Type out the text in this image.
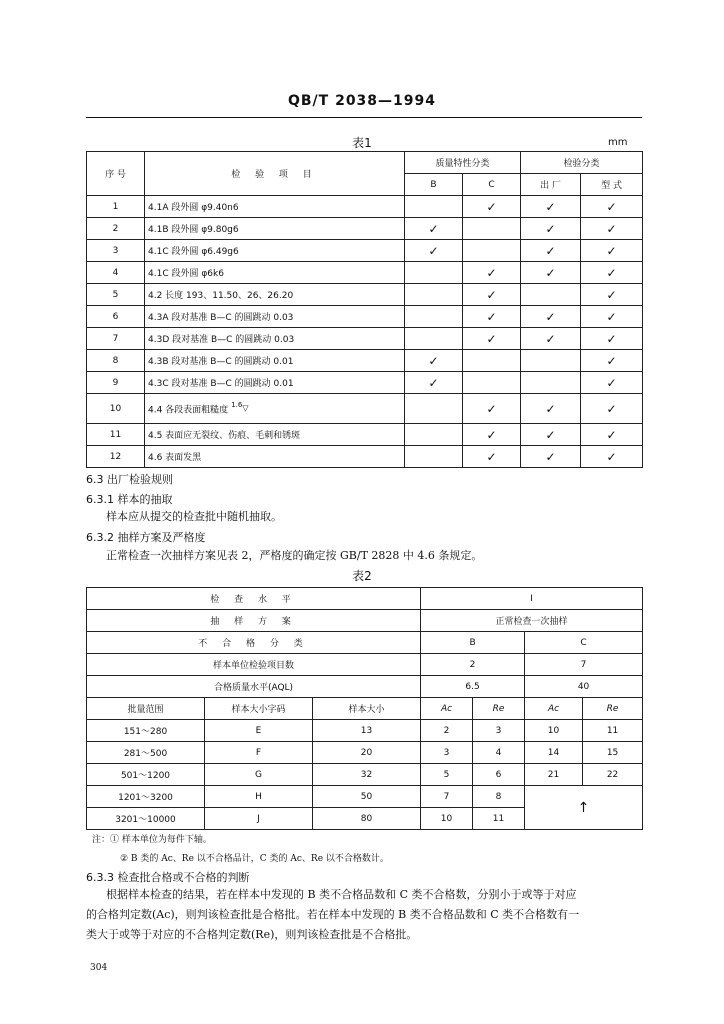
QB/T 2038—1994
表1	mm
序 号	检 验 项 目	质量特性分类		检验分类	
		B	C	出 厂	型 式
1	4.1A 段外圆 φ9.40n6		✓	✓	✓
2	4.1B 段外圆 φ9.80g6	✓		✓	✓
3	4.1C 段外圆 φ6.49g6	✓		✓	✓
4	4.1C 段外圆 φ6k6		✓	✓	✓
5	4.2 长度 193、11.50、26、26.20		✓		✓
6	4.3A 段对基准 B—C 的圆跳动 0.03		✓	✓	✓
7	4.3D 段对基准 B—C 的圆跳动 0.03		✓	✓	✓
8	4.3B 段对基准 B—C 的圆跳动 0.01	✓			✓
9	4.3C 段对基准 B—C 的圆跳动 0.01	✓			✓
10	4.4 各段表面粗糙度$^{1.6}$▽		✓	✓	✓
11	4.5 表面应无裂纹、伤痕、毛刺和锈斑		✓	✓	✓
12	4.6 表面发黑		✓	✓	✓
6.3 出厂检验规则
6.3.1 样本的抽取
样本应从提交的检查批中随机抽取。
6.3.2 抽样方案及严格度
正常检查一次抽样方案见表 2，严格度的确定按 GB/T 2828 中 4.6 条规定。
表2
检 查 水 平			I			
抽 样 方 案			正常检查一次抽样			
不 合 格 分 类			B		C	
样本单位检验项目数			2		7	
合格质量水平(AQL)			6.5		40	
批量范围	样本大小字码	样本大小	Ac	Re	Ac	Re
151～280	E	13	2	3	10	11
281～500	F	20	3	4	14	15
501～1200	G	32	5	6	21	22
1201～3200	H	50	7	8	↑	
3201～10000	J	80	10	11		
注：① 样本单位为每件下轴。
② B 类的 Ac、Re 以不合格品计，C 类的 Ac、Re 以不合格数计。
6.3.3 检查批合格或不合格的判断
根据样本检查的结果，若在样本中发现的 B 类不合格品数和 C 类不合格数，分别小于或等于对应
的合格判定数(Ac)，则判该检查批是合格批。若在样本中发现的 B 类不合格品数和 C 类不合格数有一
类大于或等于对应的不合格判定数(Re)，则判该检查批是不合格批。
304
